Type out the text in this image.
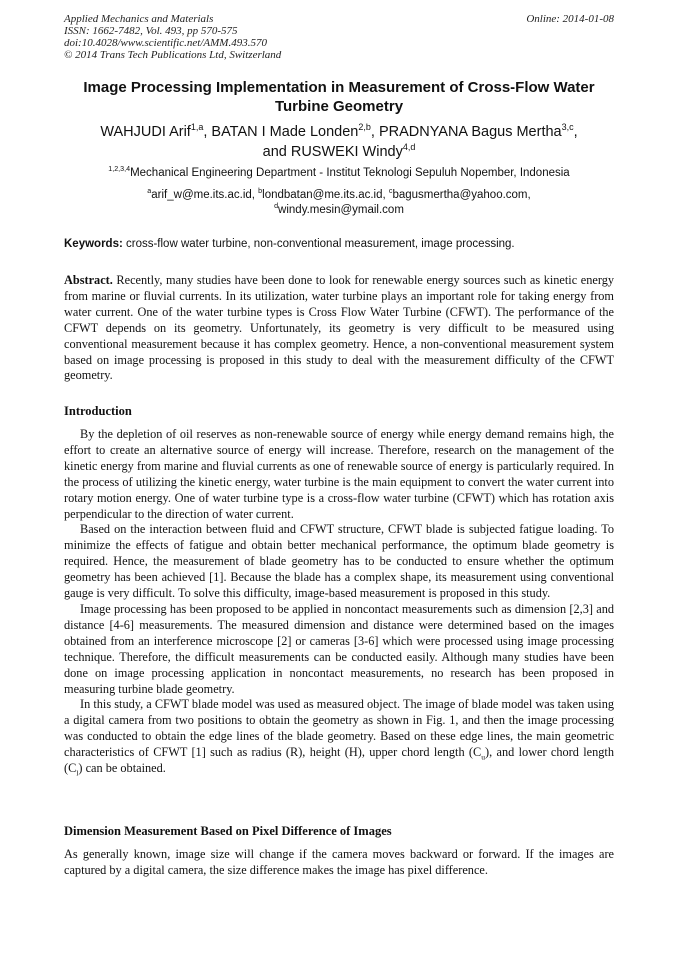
Applied Mechanics and Materials
ISSN: 1662-7482, Vol. 493, pp 570-575
doi:10.4028/www.scientific.net/AMM.493.570
© 2014 Trans Tech Publications Ltd, Switzerland
Online: 2014-01-08
Image Processing Implementation in Measurement of Cross-Flow Water Turbine Geometry
WAHJUDI Arif$^{1,a}$, BATAN I Made Londen$^{2,b}$, PRADNYANA Bagus Mertha$^{3,c}$,
and RUSWEKI Windy$^{4,d}$
$^{1,2,3,4}$Mechanical Engineering Department - Institut Teknologi Sepuluh Nopember, Indonesia
$^a$arif_w@me.its.ac.id, $^b$londbatan@me.its.ac.id, $^c$bagusmertha@yahoo.com,
$^d$windy.mesin@ymail.com
Keywords: cross-flow water turbine, non-conventional measurement, image processing.
Abstract. Recently, many studies have been done to look for renewable energy sources such as kinetic energy from marine or fluvial currents. In its utilization, water turbine plays an important role for taking energy from water current. One of the water turbine types is Cross Flow Water Turbine (CFWT). The performance of the CFWT depends on its geometry. Unfortunately, its geometry is very difficult to be measured using conventional measurement because it has complex geometry. Hence, a non-conventional measurement system based on image processing is proposed in this study to deal with the measurement difficulty of the CFWT geometry.
Introduction

By the depletion of oil reserves as non-renewable source of energy while energy demand remains high, the effort to create an alternative source of energy will increase. Therefore, research on the management of the kinetic energy from marine and fluvial currents as one of renewable source of energy is particularly required. In the process of utilizing the kinetic energy, water turbine is the main equipment to convert the water current into rotary motion energy. One of water turbine type is a cross-flow water turbine (CFWT) which has rotation axis perpendicular to the direction of water current.

Based on the interaction between fluid and CFWT structure, CFWT blade is subjected fatigue loading. To minimize the effects of fatigue and obtain better mechanical performance, the optimum blade geometry is required. Hence, the measurement of blade geometry has to be conducted to ensure whether the optimum geometry has been achieved [1]. Because the blade has a complex shape, its measurement using conventional gauge is very difficult. To solve this difficulty, image-based measurement is proposed in this study.

Image processing has been proposed to be applied in noncontact measurements such as dimension [2,3] and distance [4-6] measurements. The measured dimension and distance were determined based on the images obtained from an interference microscope [2] or cameras [3-6] which were processed using image processing technique. Therefore, the difficult measurements can be conducted easily. Although many studies have been done on image processing application in noncontact measurements, no research has been proposed in measuring turbine blade geometry.

In this study, a CFWT blade model was used as measured object. The image of blade model was taken using a digital camera from two positions to obtain the geometry as shown in Fig. 1, and then the image processing was conducted to obtain the edge lines of the blade geometry. Based on these edge lines, the main geometric characteristics of CFWT [1] such as radius (R), height (H), upper chord length $(C_u)$, and lower chord length $(C_l)$ can be obtained.

Dimension Measurement Based on Pixel Difference of Images

As generally known, image size will change if the camera moves backward or forward. If the images are captured by a digital camera, the size difference makes the image has pixel difference.
